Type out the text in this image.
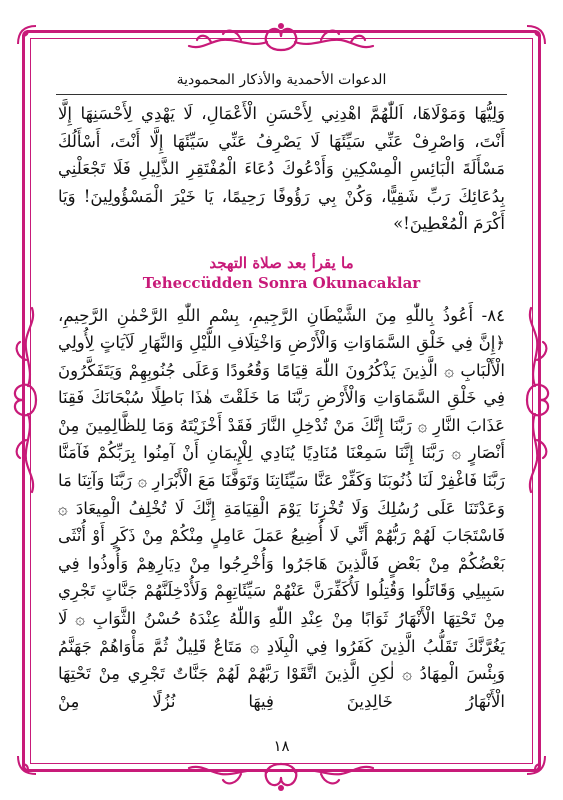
الدعوات الأحمدية والأذكار المحمودية

وَلِيُّهَا وَمَوْلَاهَا، اَللّٰهُمَّ اهْدِنِي لِأَحْسَنِ الْأَعْمَالِ، لَا يَهْدِي لِأَحْسَنِهَا إِلَّا أَنْتَ، وَاصْرِفْ عَنِّي سَيِّئَهَا لَا يَصْرِفُ عَنِّي سَيِّئَهَا إِلَّا أَنْتَ، أَسْأَلُكَ مَسْأَلَةَ الْبَائِسِ الْمِسْكِينِ وَأَدْعُوكَ دُعَاءَ الْمُفْتَقِرِ الذَّلِيلِ فَلَا تَجْعَلْنِي بِدُعَائِكَ رَبِّ شَقِيًّا، وَكُنْ بِي رَؤُوفًا رَحِيمًا، يَا خَيْرَ الْمَسْؤُولِينَ! وَيَا أَكْرَمَ الْمُعْطِينَ!»

ما يقرأ بعد صلاة التهجد
Teheccüdden Sonra Okunacaklar

٨٤- أَعُوذُ بِاللّٰهِ مِنَ الشَّيْطَانِ الرَّجِيمِ، بِسْمِ اللّٰهِ الرَّحْمٰنِ الرَّحِيمِ، ﴿إِنَّ فِي خَلْقِ السَّمَاوَاتِ وَالْأَرْضِ وَاخْتِلَافِ اللَّيْلِ وَالنَّهَارِ لَآيَاتٍ لِأُولِي الْأَلْبَابِ ۞ الَّذِينَ يَذْكُرُونَ اللّٰهَ قِيَامًا وَقُعُودًا وَعَلَى جُنُوبِهِمْ وَيَتَفَكَّرُونَ فِي خَلْقِ السَّمَاوَاتِ وَالْأَرْضِ رَبَّنَا مَا خَلَقْتَ هٰذَا بَاطِلًا سُبْحَانَكَ فَقِنَا عَذَابَ النَّارِ ۞ رَبَّنَا إِنَّكَ مَنْ تُدْخِلِ النَّارَ فَقَدْ أَخْزَيْتَهُ وَمَا لِلظَّالِمِينَ مِنْ أَنْصَارٍ ۞ رَبَّنَا إِنَّنَا سَمِعْنَا مُنَادِيًا يُنَادِي لِلْإِيمَانِ أَنْ آمِنُوا بِرَبِّكُمْ فَآمَنَّا رَبَّنَا فَاغْفِرْ لَنَا ذُنُوبَنَا وَكَفِّرْ عَنَّا سَيِّئَاتِنَا وَتَوَفَّنَا مَعَ الْأَبْرَارِ ۞ رَبَّنَا وَآتِنَا مَا وَعَدْتَنَا عَلَى رُسُلِكَ وَلَا تُخْزِنَا يَوْمَ الْقِيَامَةِ إِنَّكَ لَا تُخْلِفُ الْمِيعَادَ ۞ فَاسْتَجَابَ لَهُمْ رَبُّهُمْ أَنِّي لَا أُضِيعُ عَمَلَ عَامِلٍ مِنْكُمْ مِنْ ذَكَرٍ أَوْ أُنْثَى بَعْضُكُمْ مِنْ بَعْضٍ فَالَّذِينَ هَاجَرُوا وَأُخْرِجُوا مِنْ دِيَارِهِمْ وَأُوذُوا فِي سَبِيلِي وَقَاتَلُوا وَقُتِلُوا لَأُكَفِّرَنَّ عَنْهُمْ سَيِّئَاتِهِمْ وَلَأُدْخِلَنَّهُمْ جَنَّاتٍ تَجْرِي مِنْ تَحْتِهَا الْأَنْهَارُ ثَوَابًا مِنْ عِنْدِ اللّٰهِ وَاللّٰهُ عِنْدَهُ حُسْنُ الثَّوَابِ ۞ لَا يَغُرَّنَّكَ تَقَلُّبُ الَّذِينَ كَفَرُوا فِي الْبِلَادِ ۞ مَتَاعٌ قَلِيلٌ ثُمَّ مَأْوَاهُمْ جَهَنَّمُ وَبِئْسَ الْمِهَادُ ۞ لٰكِنِ الَّذِينَ اتَّقَوْا رَبَّهُمْ لَهُمْ جَنَّاتٌ تَجْرِي مِنْ تَحْتِهَا الْأَنْهَارُ خَالِدِينَ فِيهَا نُزُلًا مِنْ

١٨
